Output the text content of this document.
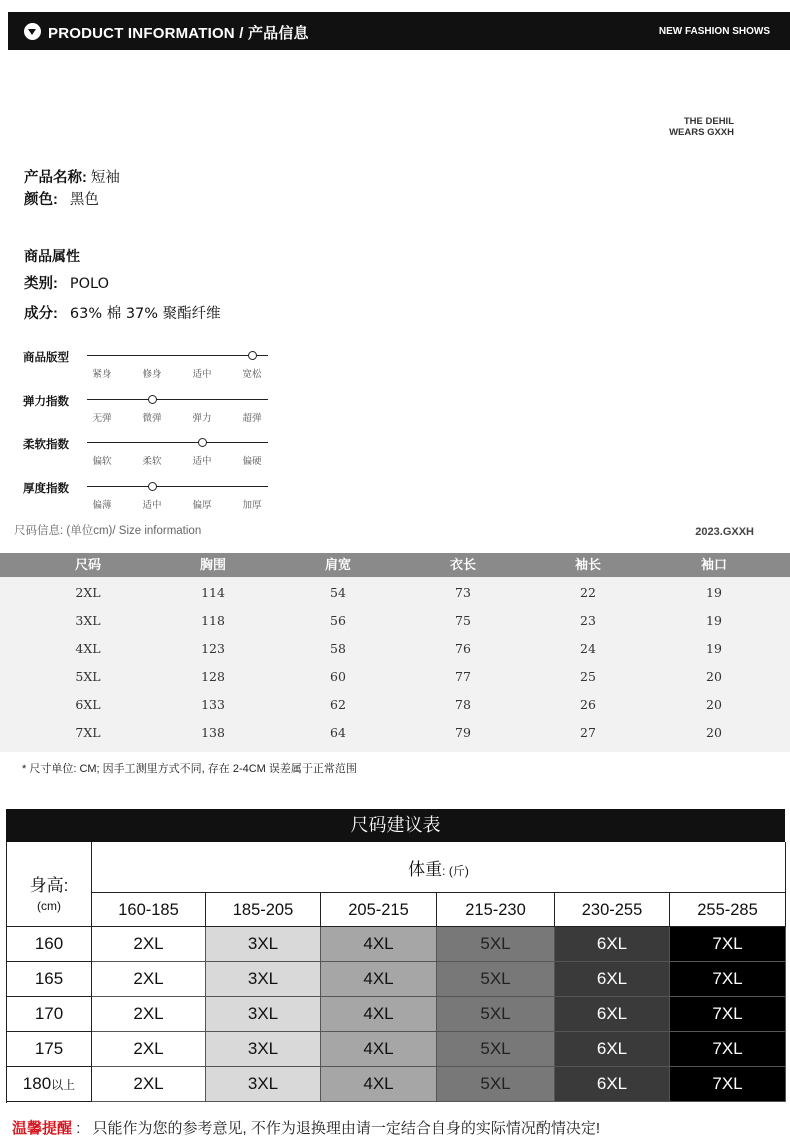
PRODUCT INFORMATION / 产品信息	NEW FASHION SHOWS
THE DEHIL
WEARS GXXH
产品名称: 短袖
颜色: 黑色
商品属性
类别: POLO
成分: 63% 棉 37% 聚酯纤维
商品版型
紧身	修身	适中	宽松
弹力指数
无弹	微弹	弹力	超弹
柔软指数
偏软	柔软	适中	偏硬
厚度指数
偏薄	适中	偏厚	加厚
尺码信息: (单位cm)/ Size information	2023.GXXH
尺码	胸围	肩宽	衣长	袖长	袖口
2XL	114	54	73	22	19
3XL	118	56	75	23	19
4XL	123	58	76	24	19
5XL	128	60	77	25	20
6XL	133	62	78	26	20
7XL	138	64	79	27	20
* 尺寸单位: CM; 因手工测里方式不同, 存在 2-4CM 误差属于正常范围
尺码建议表
身高:
(cm)
体重: (斤)
160-185	185-205	205-215	215-230	230-255	255-285
160	2XL	3XL	4XL	5XL	6XL	7XL
165	2XL	3XL	4XL	5XL	6XL	7XL
170	2XL	3XL	4XL	5XL	6XL	7XL
175	2XL	3XL	4XL	5XL	6XL	7XL
180以上	2XL	3XL	4XL	5XL	6XL	7XL
温馨提醒 : 只能作为您的参考意见, 不作为退换理由请一定结合自身的实际情况酌情决定!
